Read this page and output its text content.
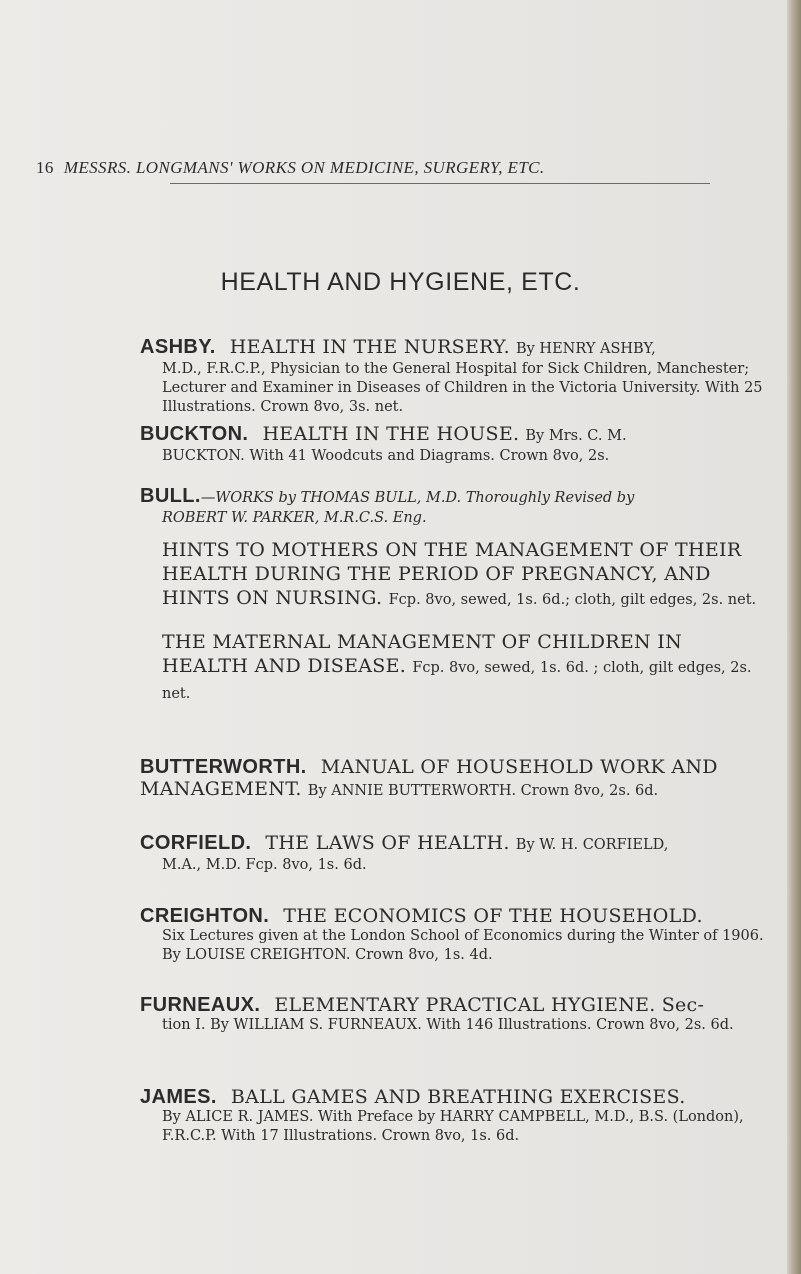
16 MESSRS. LONGMANS' WORKS ON MEDICINE, SURGERY, ETC.
HEALTH AND HYGIENE, ETC.

ASHBY. HEALTH IN THE NURSERY. By HENRY ASHBY,

M.D., F.R.C.P., Physician to the General Hospital for Sick Children, Manchester; Lecturer and Examiner in Diseases of Children in the Victoria University. With 25 Illustrations. Crown 8vo, 3s. net.

BUCKTON. HEALTH IN THE HOUSE. By Mrs. C. M.

BUCKTON. With 41 Woodcuts and Diagrams. Crown 8vo, 2s.

BULL.—WORKS by THOMAS BULL, M.D. Thoroughly Revised by

ROBERT W. PARKER, M.R.C.S. Eng.

HINTS TO MOTHERS ON THE MANAGEMENT OF THEIR HEALTH DURING THE PERIOD OF PREGNANCY, AND HINTS ON NURSING. Fcp. 8vo, sewed, 1s. 6d.; cloth, gilt edges, 2s. net.

THE MATERNAL MANAGEMENT OF CHILDREN IN HEALTH AND DISEASE. Fcp. 8vo, sewed, 1s. 6d. ; cloth, gilt edges, 2s. net.

BUTTERWORTH. MANUAL OF HOUSEHOLD WORK AND MANAGEMENT. By ANNIE BUTTERWORTH. Crown 8vo, 2s. 6d.

CORFIELD. THE LAWS OF HEALTH. By W. H. CORFIELD,

M.A., M.D. Fcp. 8vo, 1s. 6d.

CREIGHTON. THE ECONOMICS OF THE HOUSEHOLD.

Six Lectures given at the London School of Economics during the Winter of 1906. By LOUISE CREIGHTON. Crown 8vo, 1s. 4d.

FURNEAUX. ELEMENTARY PRACTICAL HYGIENE. Sec-

tion I. By WILLIAM S. FURNEAUX. With 146 Illustrations. Crown 8vo, 2s. 6d.

JAMES. BALL GAMES AND BREATHING EXERCISES.

By ALICE R. JAMES. With Preface by HARRY CAMPBELL, M.D., B.S. (London), F.R.C.P. With 17 Illustrations. Crown 8vo, 1s. 6d.
